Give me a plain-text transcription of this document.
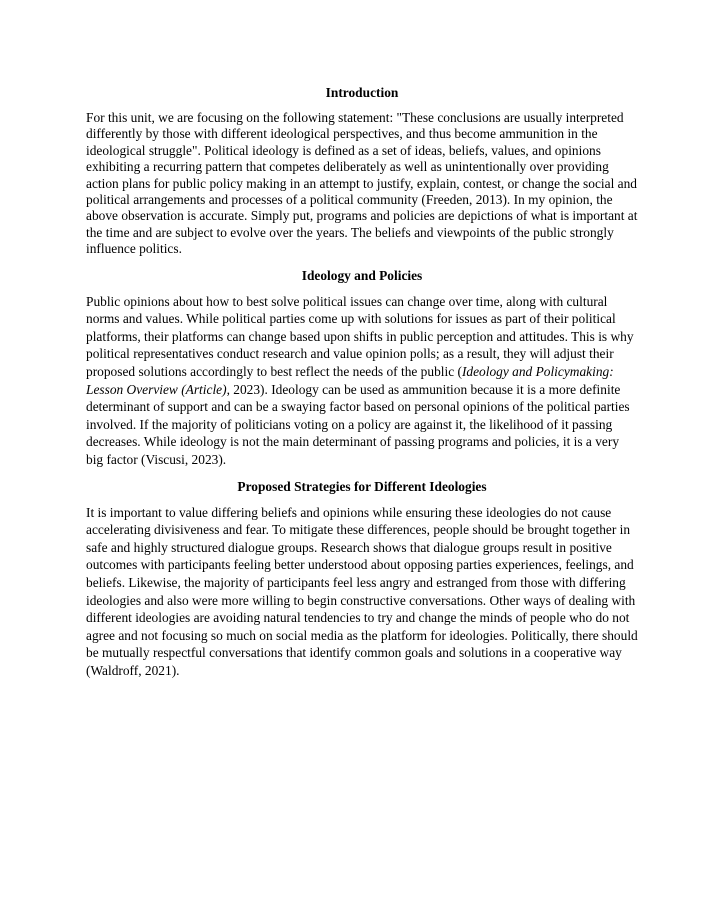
Introduction

For this unit, we are focusing on the following statement: "These conclusions are usually interpreted differently by those with different ideological perspectives, and thus become ammunition in the ideological struggle". Political ideology is defined as a set of ideas, beliefs, values, and opinions exhibiting a recurring pattern that competes deliberately as well as unintentionally over providing action plans for public policy making in an attempt to justify, explain, contest, or change the social and political arrangements and processes of a political community (Freeden, 2013). In my opinion, the above observation is accurate. Simply put, programs and policies are depictions of what is important at the time and are subject to evolve over the years. The beliefs and viewpoints of the public strongly influence politics.

Ideology and Policies

Public opinions about how to best solve political issues can change over time, along with cultural norms and values. While political parties come up with solutions for issues as part of their political platforms, their platforms can change based upon shifts in public perception and attitudes. This is why political representatives conduct research and value opinion polls; as a result, they will adjust their proposed solutions accordingly to best reflect the needs of the public (Ideology and Policymaking: Lesson Overview (Article), 2023). Ideology can be used as ammunition because it is a more definite determinant of support and can be a swaying factor based on personal opinions of the political parties involved. If the majority of politicians voting on a policy are against it, the likelihood of it passing decreases. While ideology is not the main determinant of passing programs and policies, it is a very big factor (Viscusi, 2023).

Proposed Strategies for Different Ideologies

It is important to value differing beliefs and opinions while ensuring these ideologies do not cause accelerating divisiveness and fear. To mitigate these differences, people should be brought together in safe and highly structured dialogue groups. Research shows that dialogue groups result in positive outcomes with participants feeling better understood about opposing parties experiences, feelings, and beliefs. Likewise, the majority of participants feel less angry and estranged from those with differing ideologies and also were more willing to begin constructive conversations. Other ways of dealing with different ideologies are avoiding natural tendencies to try and change the minds of people who do not agree and not focusing so much on social media as the platform for ideologies. Politically, there should be mutually respectful conversations that identify common goals and solutions in a cooperative way (Waldroff, 2021).
